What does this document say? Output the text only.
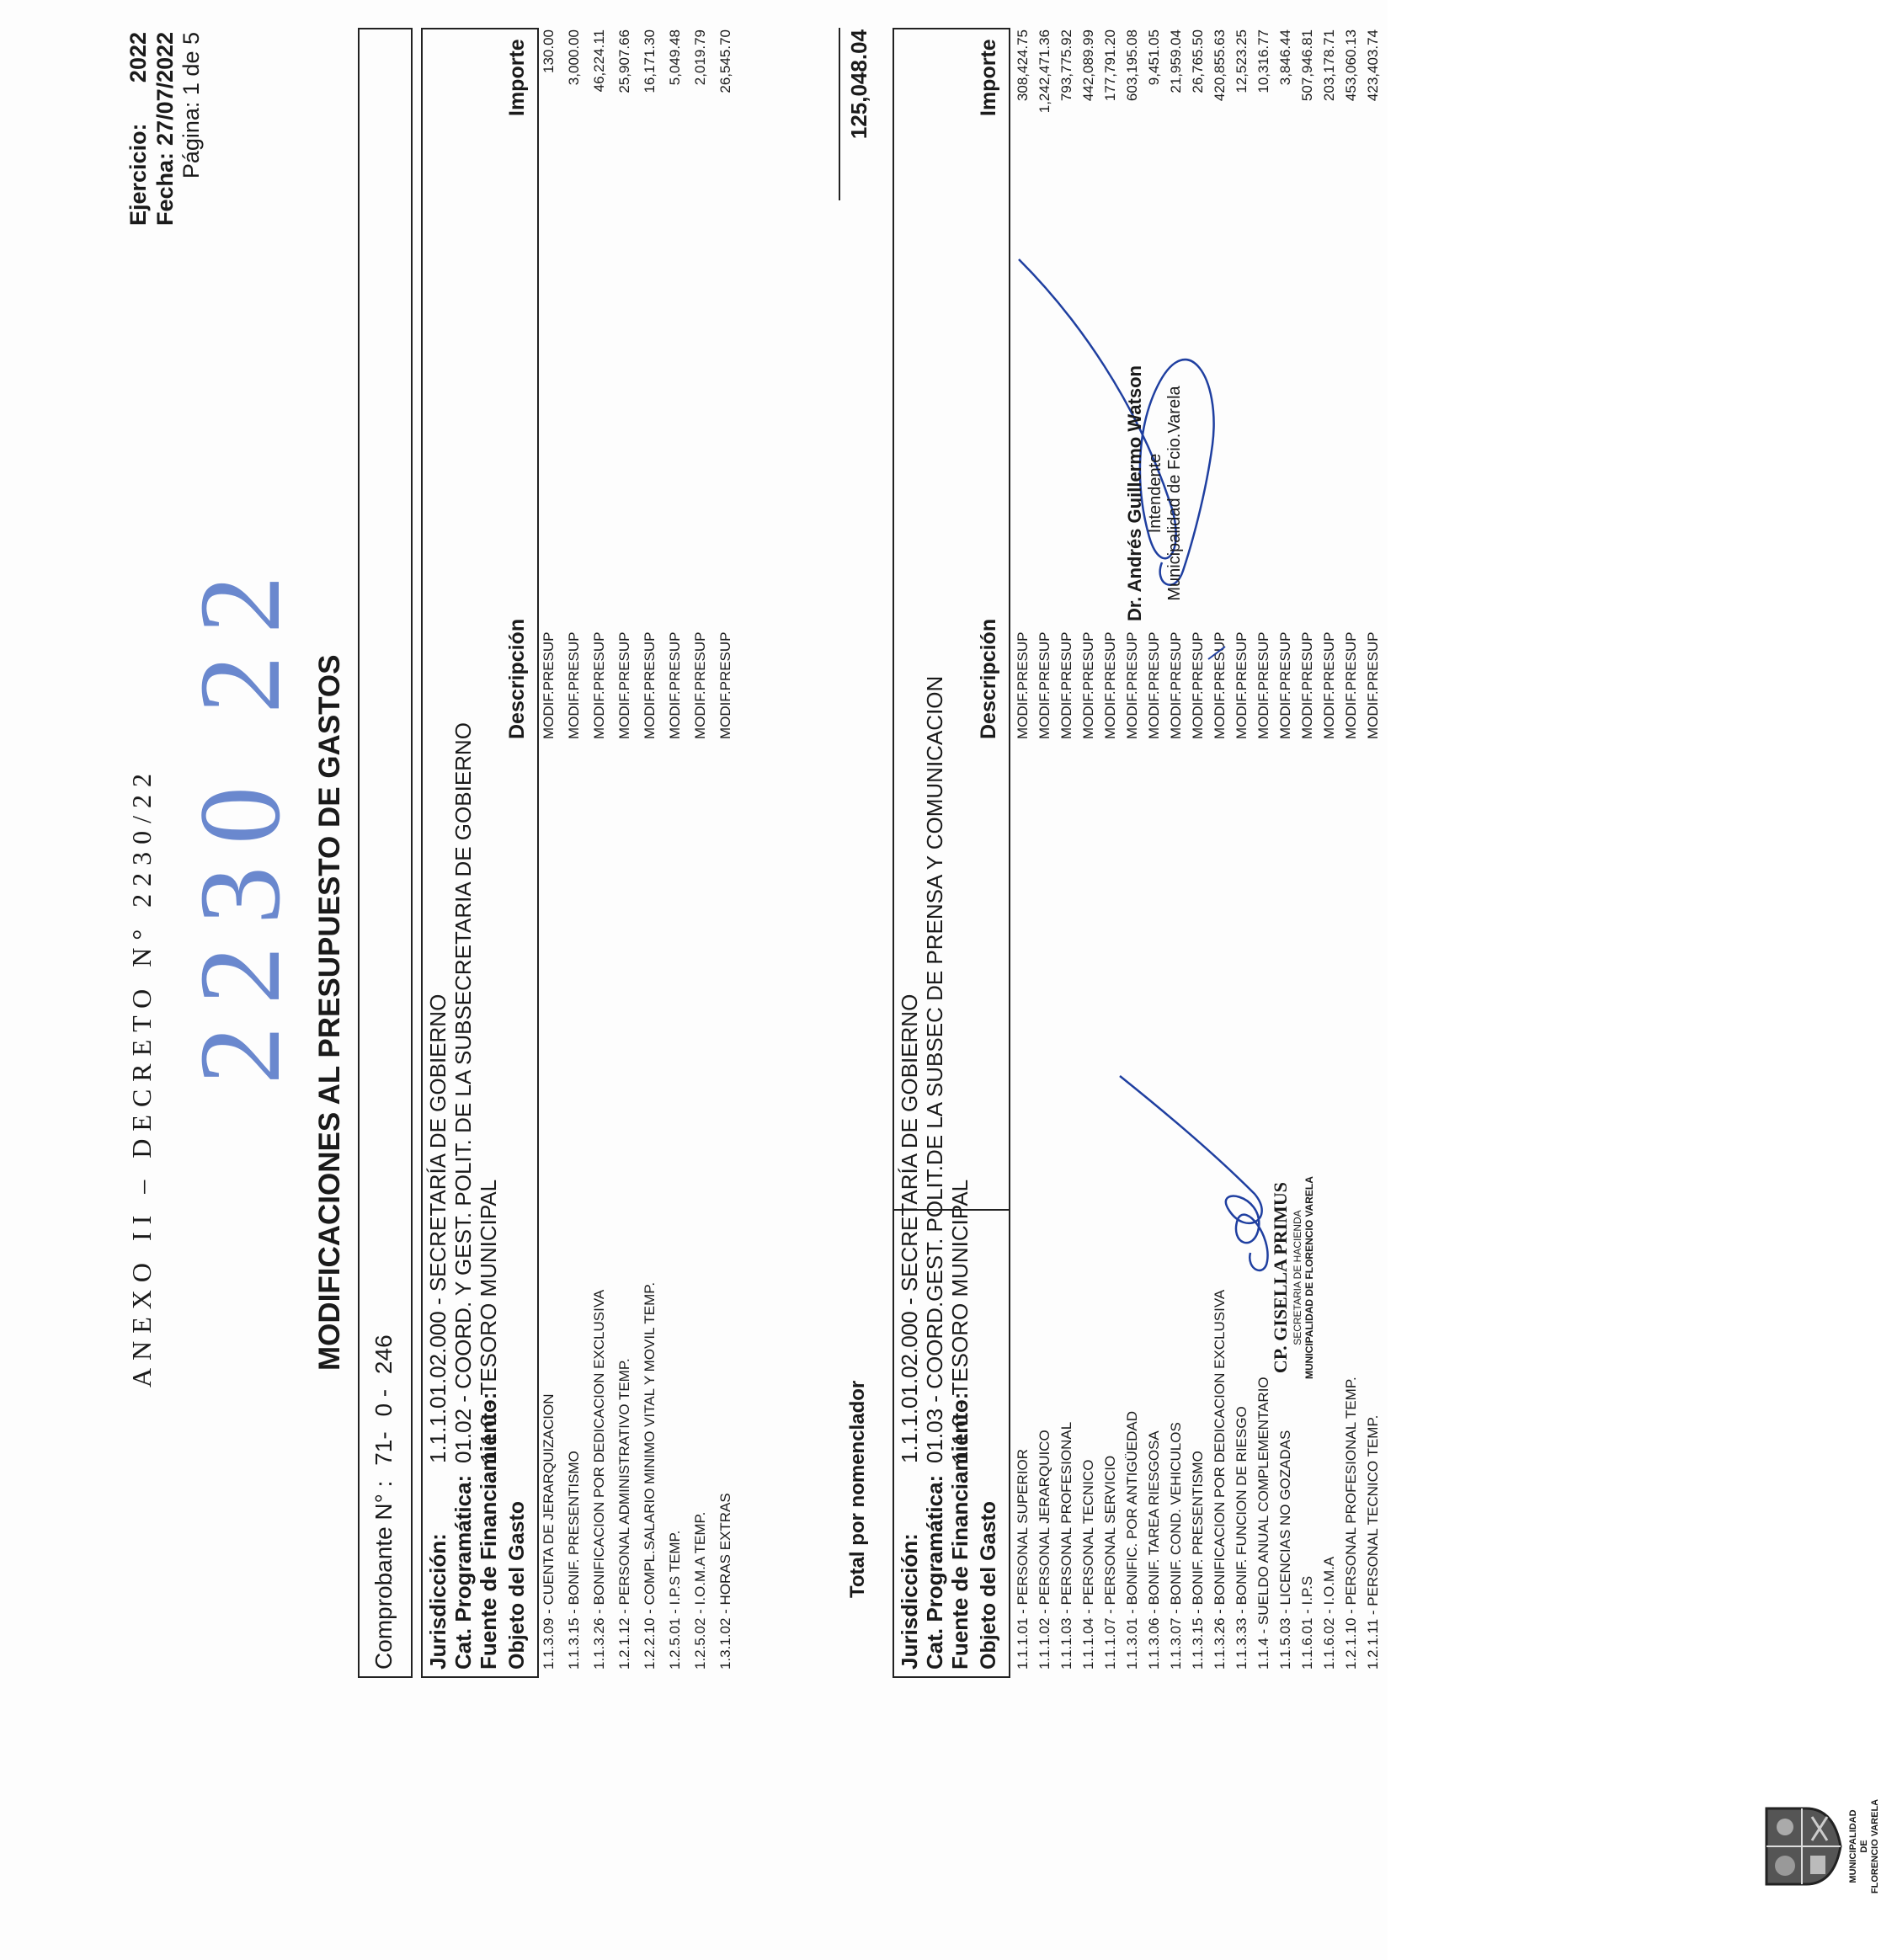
MUNICIPALIDAD DE FLORENCIO VARELA
ANEXO II – DECRETO N° 2230/22 2230 22
Ejercicio:
2022
Fecha:
27/07/2022 Página: 1 de 5
MODIFICACIONES AL PRESUPUESTO DE GASTOS
Comprobante N° : 71- 0 - 246
Jurisdicción:1.1.1.01.02.000 - SECRETARÍA DE GOBIERNO
Cat. Programática:01.02 - COORD. Y GEST. POLIT. DE LA SUBSECRETARIA DE GOBIERNO
Fuente de Financiamiento:1.1.0 - TESORO MUNICIPAL
Objeto del Gasto
Descripción
Importe
1.1.3.09 - CUENTA DE JERARQUIZACION
MODIF.PRESUP
130.00
1.1.3.15 - BONIF. PRESENTISMO
MODIF.PRESUP
3,000.00
1.1.3.26 - BONIFICACION POR DEDICACION EXCLUSIVA
MODIF.PRESUP
46,224.11
1.2.1.12 - PERSONAL ADMINISTRATIVO TEMP.
MODIF.PRESUP
25,907.66
1.2.2.10 - COMPL.SALARIO MINIMO VITAL Y MOVIL TEMP.
MODIF.PRESUP
16,171.30
1.2.5.01 - I.P.S TEMP.
MODIF.PRESUP
5,049.48
1.2.5.02 - I.O.M.A TEMP.
MODIF.PRESUP
2,019.79
1.3.1.02 - HORAS EXTRAS
MODIF.PRESUP
26,545.70
Total por nomenclador
125,048.04
Jurisdicción:1.1.1.01.02.000 - SECRETARÍA DE GOBIERNO
Cat. Programática:01.03 - COORD.GEST. POLIT.DE LA SUBSEC DE PRENSA Y COMUNICACION
Fuente de Financiamiento:1.1.0 - TESORO MUNICIPAL
Objeto del Gasto
Descripción
Importe
1.1.1.01 - PERSONAL SUPERIOR
MODIF.PRESUP
308,424.75
1.1.1.02 - PERSONAL JERARQUICO
MODIF.PRESUP
1,242,471.36
1.1.1.03 - PERSONAL PROFESIONAL
MODIF.PRESUP
793,775.92
1.1.1.04 - PERSONAL TECNICO
MODIF.PRESUP
442,089.99
1.1.1.07 - PERSONAL SERVICIO
MODIF.PRESUP
177,791.20
1.1.3.01 - BONIFIC. POR ANTIGÜEDAD
MODIF.PRESUP
603,195.08
1.1.3.06 - BONIF. TAREA RIESGOSA
MODIF.PRESUP
9,451.05
1.1.3.07 - BONIF. COND. VEHICULOS
MODIF.PRESUP
21,959.04
1.1.3.15 - BONIF. PRESENTISMO
MODIF.PRESUP
26,765.50
1.1.3.26 - BONIFICACION POR DEDICACION EXCLUSIVA
MODIF.PRESUP
420,855.63
1.1.3.33 - BONIF. FUNCION DE RIESGO
MODIF.PRESUP
12,523.25
1.1.4 - SUELDO ANUAL COMPLEMENTARIO
MODIF.PRESUP
10,316.77
1.1.5.03 - LICENCIAS NO GOZADAS
MODIF.PRESUP
3,846.44
1.1.6.01 - I.P.S
MODIF.PRESUP
507,946.81
1.1.6.02 - I.O.M.A
MODIF.PRESUP
203,178.71
1.2.1.10 - PERSONAL PROFESIONAL TEMP.
MODIF.PRESUP
453,060.13
1.2.1.11 - PERSONAL TECNICO TEMP.
MODIF.PRESUP
423,403.74
CP. GISELLA PRIMUS SECRETARIA DE HACIENDA MUNICIPALIDAD DE FLORENCIO VARELA
Dr. Andrés Guillermo Watson Intendente Municipalidad de Fcio.Varela
